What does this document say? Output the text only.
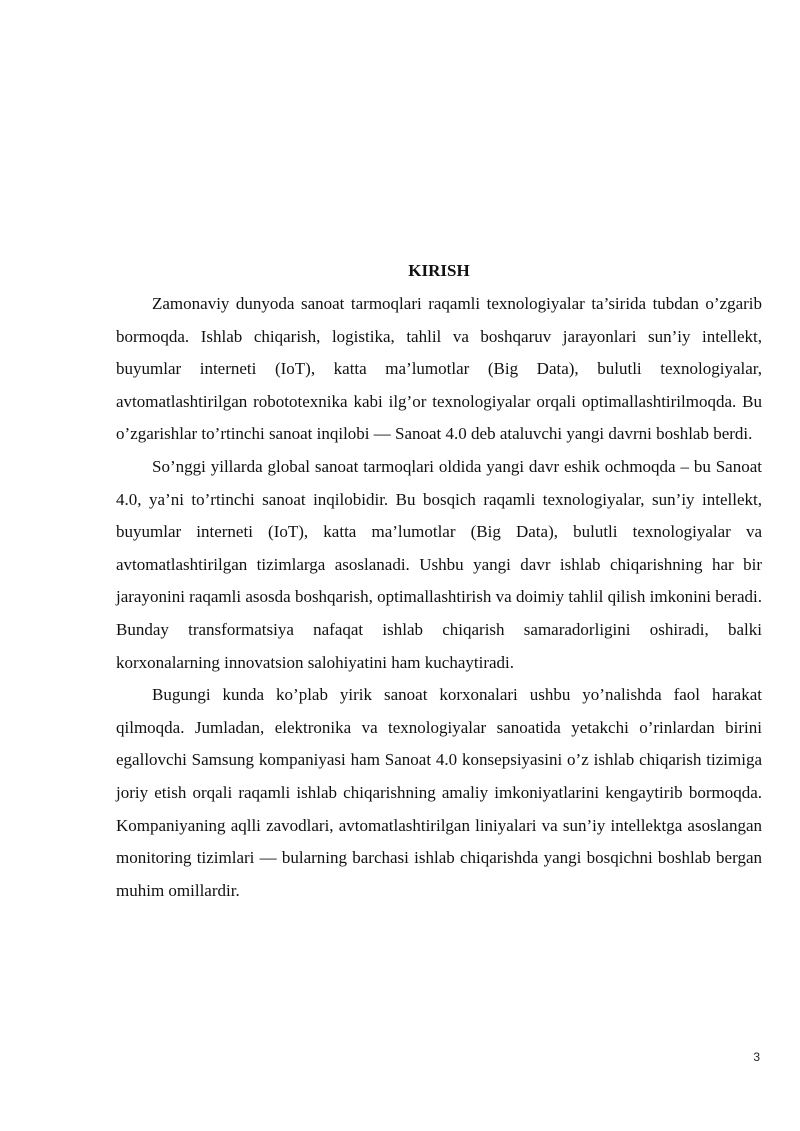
KIRISH

Zamonaviy dunyoda sanoat tarmoqlari raqamli texnologiyalar ta’sirida tubdan o’zgarib bormoqda. Ishlab chiqarish, logistika, tahlil va boshqaruv jarayonlari sun’iy intellekt, buyumlar interneti (IoT), katta ma’lumotlar (Big Data), bulutli texnologiyalar, avtomatlashtirilgan robototexnika kabi ilg’or texnologiyalar orqali optimallashtirilmoqda. Bu o’zgarishlar to’rtinchi sanoat inqilobi — Sanoat 4.0 deb ataluvchi yangi davrni boshlab berdi.

So’nggi yillarda global sanoat tarmoqlari oldida yangi davr eshik ochmoqda – bu Sanoat 4.0, ya’ni to’rtinchi sanoat inqilobidir. Bu bosqich raqamli texnologiyalar, sun’iy intellekt, buyumlar interneti (IoT), katta ma’lumotlar (Big Data), bulutli texnologiyalar va avtomatlashtirilgan tizimlarga asoslanadi. Ushbu yangi davr ishlab chiqarishning har bir jarayonini raqamli asosda boshqarish, optimallashtirish va doimiy tahlil qilish imkonini beradi. Bunday transformatsiya nafaqat ishlab chiqarish samaradorligini oshiradi, balki korxonalarning innovatsion salohiyatini ham kuchaytiradi.

Bugungi kunda ko’plab yirik sanoat korxonalari ushbu yo’nalishda faol harakat qilmoqda. Jumladan, elektronika va texnologiyalar sanoatida yetakchi o’rinlardan birini egallovchi Samsung kompaniyasi ham Sanoat 4.0 konsepsiyasini o’z ishlab chiqarish tizimiga joriy etish orqali raqamli ishlab chiqarishning amaliy imkoniyatlarini kengaytirib bormoqda. Kompaniyaning aqlli zavodlari, avtomatlashtirilgan liniyalari va sun’iy intellektga asoslangan monitoring tizimlari — bularning barchasi ishlab chiqarishda yangi bosqichni boshlab bergan muhim omillardir.

3
